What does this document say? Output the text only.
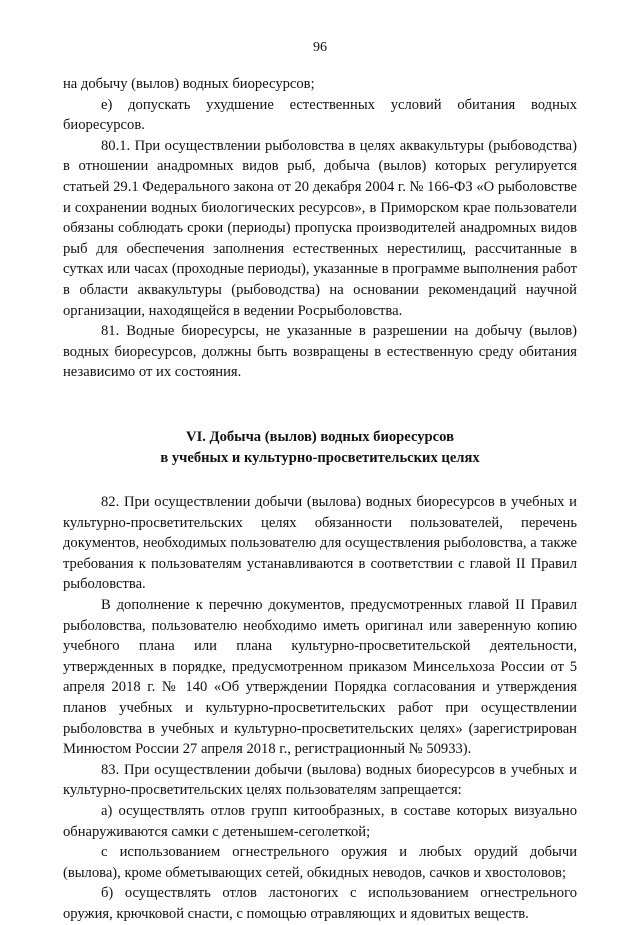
96

на добычу (вылов) водных биоресурсов;

е) допускать ухудшение естественных условий обитания водных биоресурсов.

80.1. При осуществлении рыболовства в целях аквакультуры (рыбоводства) в отношении анадромных видов рыб, добыча (вылов) которых регулируется статьей 29.1 Федерального закона от 20 декабря 2004 г. № 166-ФЗ «О рыболовстве и сохранении водных биологических ресурсов», в Приморском крае пользователи обязаны соблюдать сроки (периоды) пропуска производителей анадромных видов рыб для обеспечения заполнения естественных нерестилищ, рассчитанные в сутках или часах (проходные периоды), указанные в программе выполнения работ в области аквакультуры (рыбоводства) на основании рекомендаций научной организации, находящейся в ведении Росрыболовства.

81. Водные биоресурсы, не указанные в разрешении на добычу (вылов) водных биоресурсов, должны быть возвращены в естественную среду обитания независимо от их состояния.

VI. Добыча (вылов) водных биоресурсов
в учебных и культурно-просветительских целях

82. При осуществлении добычи (вылова) водных биоресурсов в учебных и культурно-просветительских целях обязанности пользователей, перечень документов, необходимых пользователю для осуществления рыболовства, а также требования к пользователям устанавливаются в соответствии с главой II Правил рыболовства.

В дополнение к перечню документов, предусмотренных главой II Правил рыболовства, пользователю необходимо иметь оригинал или заверенную копию учебного плана или плана культурно-просветительской деятельности, утвержденных в порядке, предусмотренном приказом Минсельхоза России от 5 апреля 2018 г. № 140 «Об утверждении Порядка согласования и утверждения планов учебных и культурно-просветительских работ при осуществлении рыболовства в учебных и культурно-просветительских целях» (зарегистрирован Минюстом России 27 апреля 2018 г., регистрационный № 50933).

83. При осуществлении добычи (вылова) водных биоресурсов в учебных и культурно-просветительских целях пользователям запрещается:

а) осуществлять отлов групп китообразных, в составе которых визуально обнаруживаются самки с детенышем-сеголеткой;

с использованием огнестрельного оружия и любых орудий добычи (вылова), кроме обметывающих сетей, обкидных неводов, сачков и хвостоловов;

б) осуществлять отлов ластоногих с использованием огнестрельного оружия, крючковой снасти, с помощью отравляющих и ядовитых веществ.
